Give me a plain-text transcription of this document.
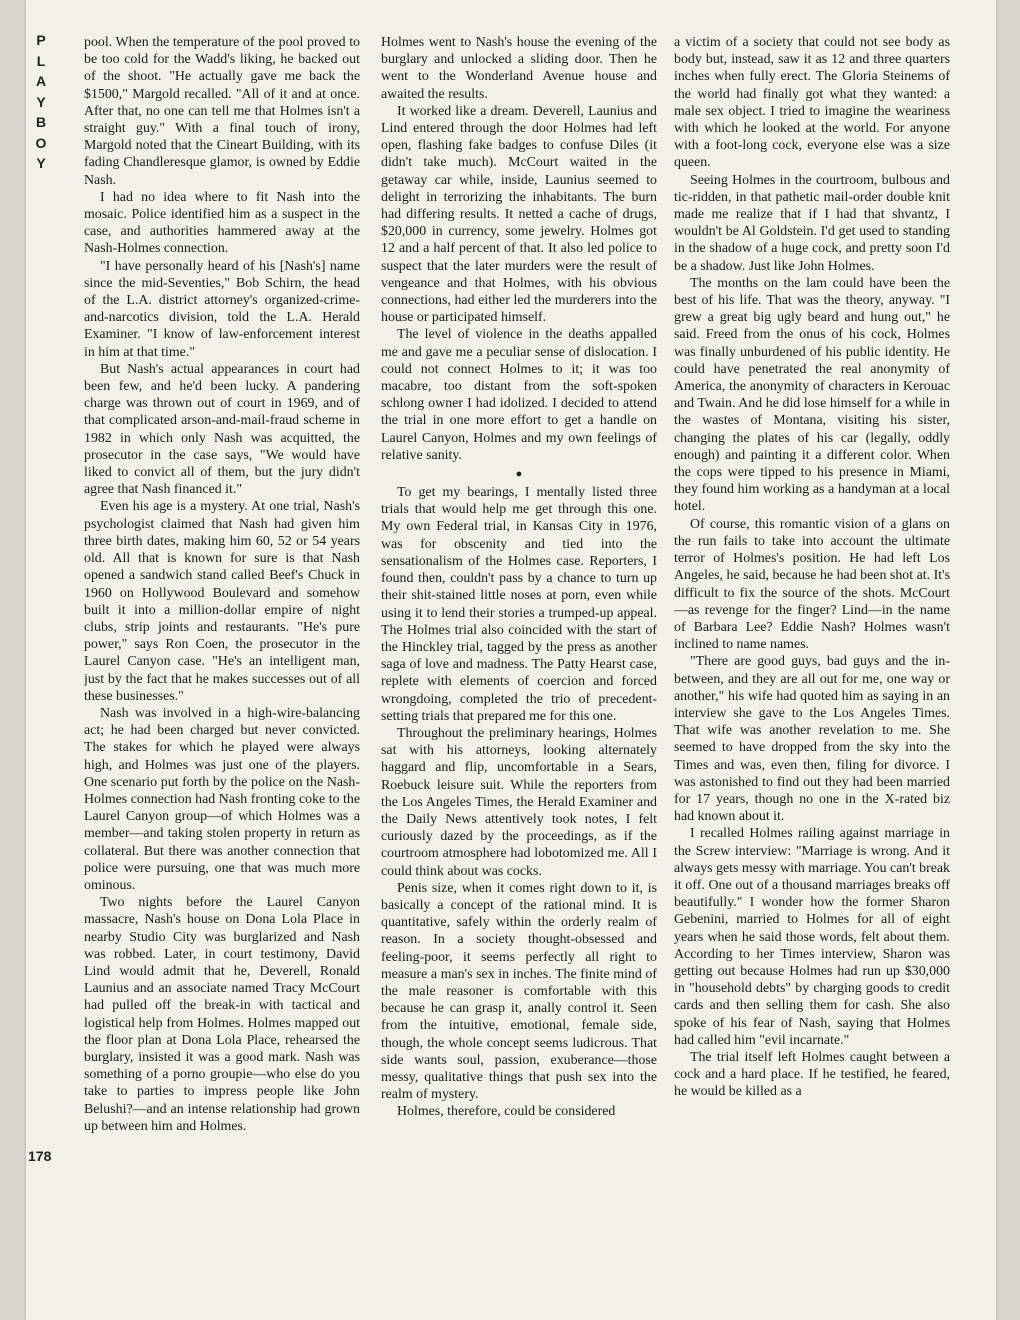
P
L
A
Y
B
O
Y

pool. When the temperature of the pool proved to be too cold for the Wadd's liking, he backed out of the shoot. "He actually gave me back the $1500," Margold recalled. "All of it and at once. After that, no one can tell me that Holmes isn't a straight guy." With a final touch of irony, Margold noted that the Cineart Building, with its fading Chandleresque glamor, is owned by Eddie Nash.

I had no idea where to fit Nash into the mosaic. Police identified him as a suspect in the case, and authorities hammered away at the Nash-Holmes connection.

"I have personally heard of his [Nash's] name since the mid-Seventies," Bob Schirn, the head of the L.A. district attorney's organized-crime-and-narcotics division, told the L.A. Herald Examiner. "I know of law-enforcement interest in him at that time."

But Nash's actual appearances in court had been few, and he'd been lucky. A pandering charge was thrown out of court in 1969, and of that complicated arson-and-mail-fraud scheme in 1982 in which only Nash was acquitted, the prosecutor in the case says, "We would have liked to convict all of them, but the jury didn't agree that Nash financed it."

Even his age is a mystery. At one trial, Nash's psychologist claimed that Nash had given him three birth dates, making him 60, 52 or 54 years old. All that is known for sure is that Nash opened a sandwich stand called Beef's Chuck in 1960 on Hollywood Boulevard and somehow built it into a million-dollar empire of night clubs, strip joints and restaurants. "He's pure power," says Ron Coen, the prosecutor in the Laurel Canyon case. "He's an intelligent man, just by the fact that he makes successes out of all these businesses."

Nash was involved in a high-wire-balancing act; he had been charged but never convicted. The stakes for which he played were always high, and Holmes was just one of the players. One scenario put forth by the police on the Nash-Holmes connection had Nash fronting coke to the Laurel Canyon group—of which Holmes was a member—and taking stolen property in return as collateral. But there was another connection that police were pursuing, one that was much more ominous.

Two nights before the Laurel Canyon massacre, Nash's house on Dona Lola Place in nearby Studio City was burglarized and Nash was robbed. Later, in court testimony, David Lind would admit that he, Deverell, Ronald Launius and an associate named Tracy McCourt had pulled off the break-in with tactical and logistical help from Holmes. Holmes mapped out the floor plan at Dona Lola Place, rehearsed the burglary, insisted it was a good mark. Nash was something of a porno groupie—who else do you take to parties to impress people like John Belushi?—and an intense relationship had grown up between him and Holmes.

Holmes went to Nash's house the evening of the burglary and unlocked a sliding door. Then he went to the Wonderland Avenue house and awaited the results.

It worked like a dream. Deverell, Launius and Lind entered through the door Holmes had left open, flashing fake badges to confuse Diles (it didn't take much). McCourt waited in the getaway car while, inside, Launius seemed to delight in terrorizing the inhabitants. The burn had differing results. It netted a cache of drugs, $20,000 in currency, some jewelry. Holmes got 12 and a half percent of that. It also led police to suspect that the later murders were the result of vengeance and that Holmes, with his obvious connections, had either led the murderers into the house or participated himself.

The level of violence in the deaths appalled me and gave me a peculiar sense of dislocation. I could not connect Holmes to it; it was too macabre, too distant from the soft-spoken schlong owner I had idolized. I decided to attend the trial in one more effort to get a handle on Laurel Canyon, Holmes and my own feelings of relative sanity.

●

To get my bearings, I mentally listed three trials that would help me get through this one. My own Federal trial, in Kansas City in 1976, was for obscenity and tied into the sensationalism of the Holmes case. Reporters, I found then, couldn't pass by a chance to turn up their shit-stained little noses at porn, even while using it to lend their stories a trumped-up appeal. The Holmes trial also coincided with the start of the Hinckley trial, tagged by the press as another saga of love and madness. The Patty Hearst case, replete with elements of coercion and forced wrongdoing, completed the trio of precedent-setting trials that prepared me for this one.

Throughout the preliminary hearings, Holmes sat with his attorneys, looking alternately haggard and flip, uncomfortable in a Sears, Roebuck leisure suit. While the reporters from the Los Angeles Times, the Herald Examiner and the Daily News attentively took notes, I felt curiously dazed by the proceedings, as if the courtroom atmosphere had lobotomized me. All I could think about was cocks.

Penis size, when it comes right down to it, is basically a concept of the rational mind. It is quantitative, safely within the orderly realm of reason. In a society thought-obsessed and feeling-poor, it seems perfectly all right to measure a man's sex in inches. The finite mind of the male reasoner is comfortable with this because he can grasp it, anally control it. Seen from the intuitive, emotional, female side, though, the whole concept seems ludicrous. That side wants soul, passion, exuberance—those messy, qualitative things that push sex into the realm of mystery.

Holmes, therefore, could be considered

a victim of a society that could not see body as body but, instead, saw it as 12 and three quarters inches when fully erect. The Gloria Steinems of the world had finally got what they wanted: a male sex object. I tried to imagine the weariness with which he looked at the world. For anyone with a foot-long cock, everyone else was a size queen.

Seeing Holmes in the courtroom, bulbous and tic-ridden, in that pathetic mail-order double knit made me realize that if I had that shvantz, I wouldn't be Al Goldstein. I'd get used to standing in the shadow of a huge cock, and pretty soon I'd be a shadow. Just like John Holmes.

The months on the lam could have been the best of his life. That was the theory, anyway. "I grew a great big ugly beard and hung out," he said. Freed from the onus of his cock, Holmes was finally unburdened of his public identity. He could have penetrated the real anonymity of America, the anonymity of characters in Kerouac and Twain. And he did lose himself for a while in the wastes of Montana, visiting his sister, changing the plates of his car (legally, oddly enough) and painting it a different color. When the cops were tipped to his presence in Miami, they found him working as a handyman at a local hotel.

Of course, this romantic vision of a glans on the run fails to take into account the ultimate terror of Holmes's position. He had left Los Angeles, he said, because he had been shot at. It's difficult to fix the source of the shots. McCourt—as revenge for the finger? Lind—in the name of Barbara Lee? Eddie Nash? Holmes wasn't inclined to name names.

"There are good guys, bad guys and the in-between, and they are all out for me, one way or another," his wife had quoted him as saying in an interview she gave to the Los Angeles Times. That wife was another revelation to me. She seemed to have dropped from the sky into the Times and was, even then, filing for divorce. I was astonished to find out they had been married for 17 years, though no one in the X-rated biz had known about it.

I recalled Holmes railing against marriage in the Screw interview: "Marriage is wrong. And it always gets messy with marriage. You can't break it off. One out of a thousand marriages breaks off beautifully." I wonder how the former Sharon Gebenini, married to Holmes for all of eight years when he said those words, felt about them. According to her Times interview, Sharon was getting out because Holmes had run up $30,000 in "household debts" by charging goods to credit cards and then selling them for cash. She also spoke of his fear of Nash, saying that Holmes had called him "evil incarnate."

The trial itself left Holmes caught between a cock and a hard place. If he testified, he feared, he would be killed as a

178
